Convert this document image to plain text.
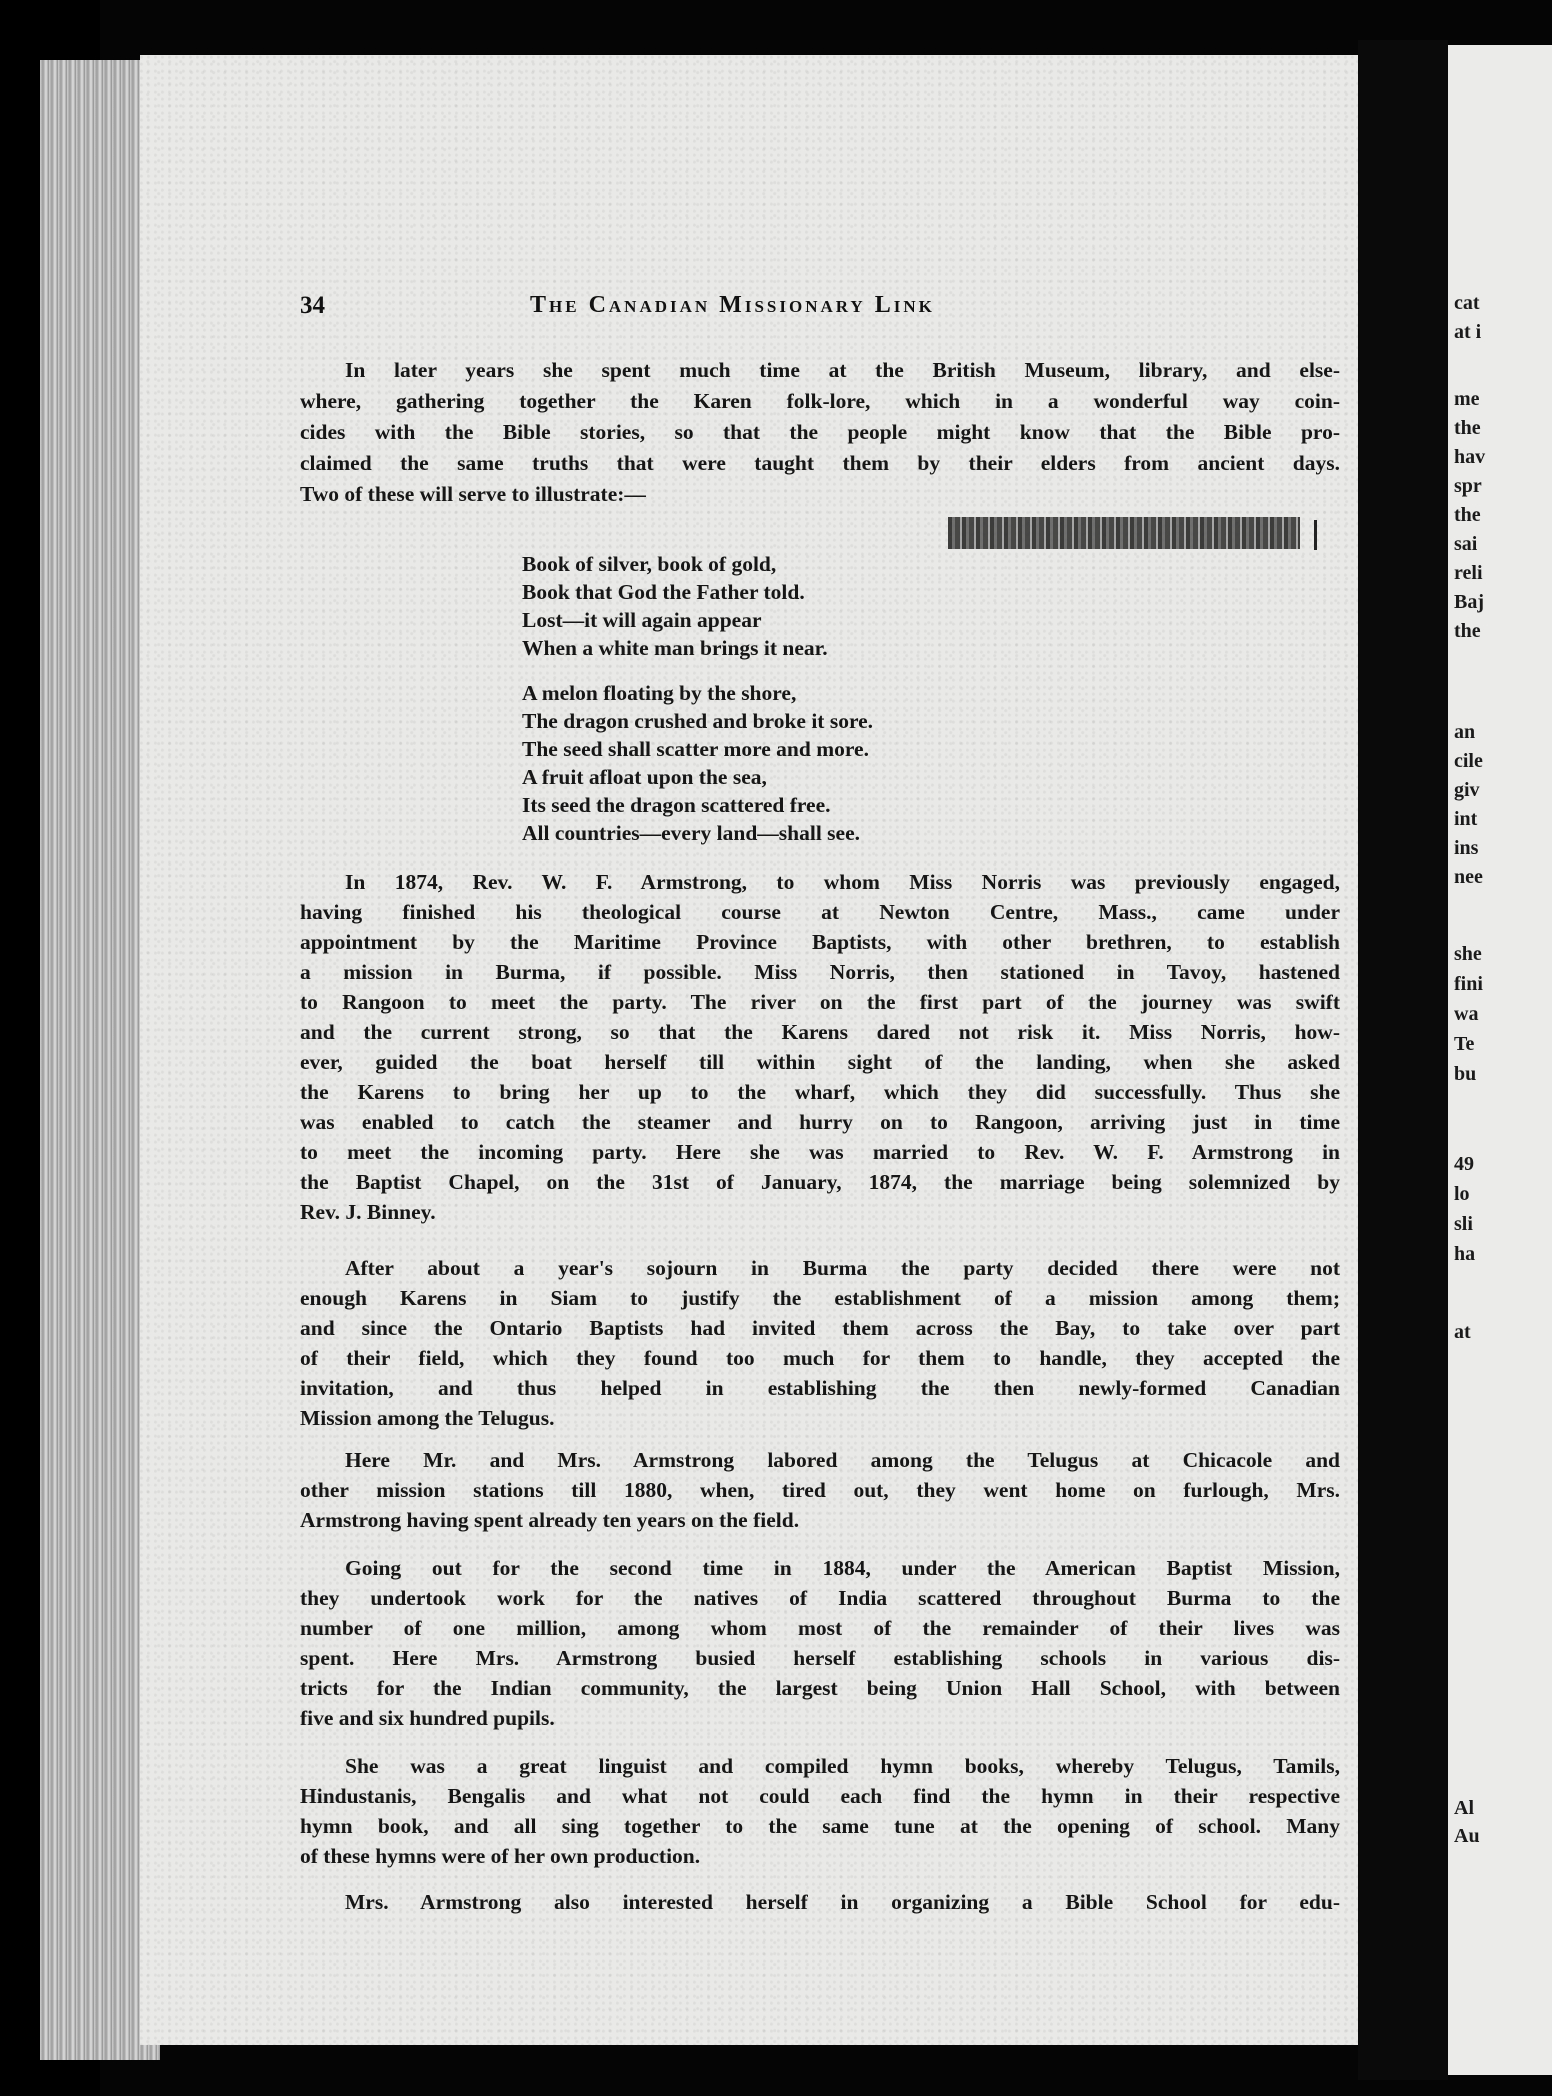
cat
at i
me
the
hav
spr
the
sai
reli
Baj
the
an
cile
giv
int
ins
nee
she
fini
wa
Te
bu
49
lo
sli
ha
at
Al
Au
34	The Canadian Missionary Link
In later years she spent much time at the British Museum, library, and else-
where, gathering together the Karen folk-lore, which in a wonderful way coin-
cides with the Bible stories, so that the people might know that the Bible pro-
claimed the same truths that were taught them by their elders from ancient days.
Two of these will serve to illustrate:—
Book of silver, book of gold,
Book that God the Father told.
Lost—it will again appear
When a white man brings it near.
A melon floating by the shore,
The dragon crushed and broke it sore.
The seed shall scatter more and more.
A fruit afloat upon the sea,
Its seed the dragon scattered free.
All countries—every land—shall see.
In 1874, Rev. W. F. Armstrong, to whom Miss Norris was previously engaged,
having finished his theological course at Newton Centre, Mass., came under
appointment by the Maritime Province Baptists, with other brethren, to establish
a mission in Burma, if possible. Miss Norris, then stationed in Tavoy, hastened
to Rangoon to meet the party. The river on the first part of the journey was swift
and the current strong, so that the Karens dared not risk it. Miss Norris, how-
ever, guided the boat herself till within sight of the landing, when she asked
the Karens to bring her up to the wharf, which they did successfully. Thus she
was enabled to catch the steamer and hurry on to Rangoon, arriving just in time
to meet the incoming party. Here she was married to Rev. W. F. Armstrong in
the Baptist Chapel, on the 31st of January, 1874, the marriage being solemnized by
Rev. J. Binney.
After about a year's sojourn in Burma the party decided there were not
enough Karens in Siam to justify the establishment of a mission among them;
and since the Ontario Baptists had invited them across the Bay, to take over part
of their field, which they found too much for them to handle, they accepted the
invitation, and thus helped in establishing the then newly-formed Canadian
Mission among the Telugus.
Here Mr. and Mrs. Armstrong labored among the Telugus at Chicacole and
other mission stations till 1880, when, tired out, they went home on furlough, Mrs.
Armstrong having spent already ten years on the field.
Going out for the second time in 1884, under the American Baptist Mission,
they undertook work for the natives of India scattered throughout Burma to the
number of one million, among whom most of the remainder of their lives was
spent. Here Mrs. Armstrong busied herself establishing schools in various dis-
tricts for the Indian community, the largest being Union Hall School, with between
five and six hundred pupils.
She was a great linguist and compiled hymn books, whereby Telugus, Tamils,
Hindustanis, Bengalis and what not could each find the hymn in their respective
hymn book, and all sing together to the same tune at the opening of school. Many
of these hymns were of her own production.
Mrs. Armstrong also interested herself in organizing a Bible School for edu-
